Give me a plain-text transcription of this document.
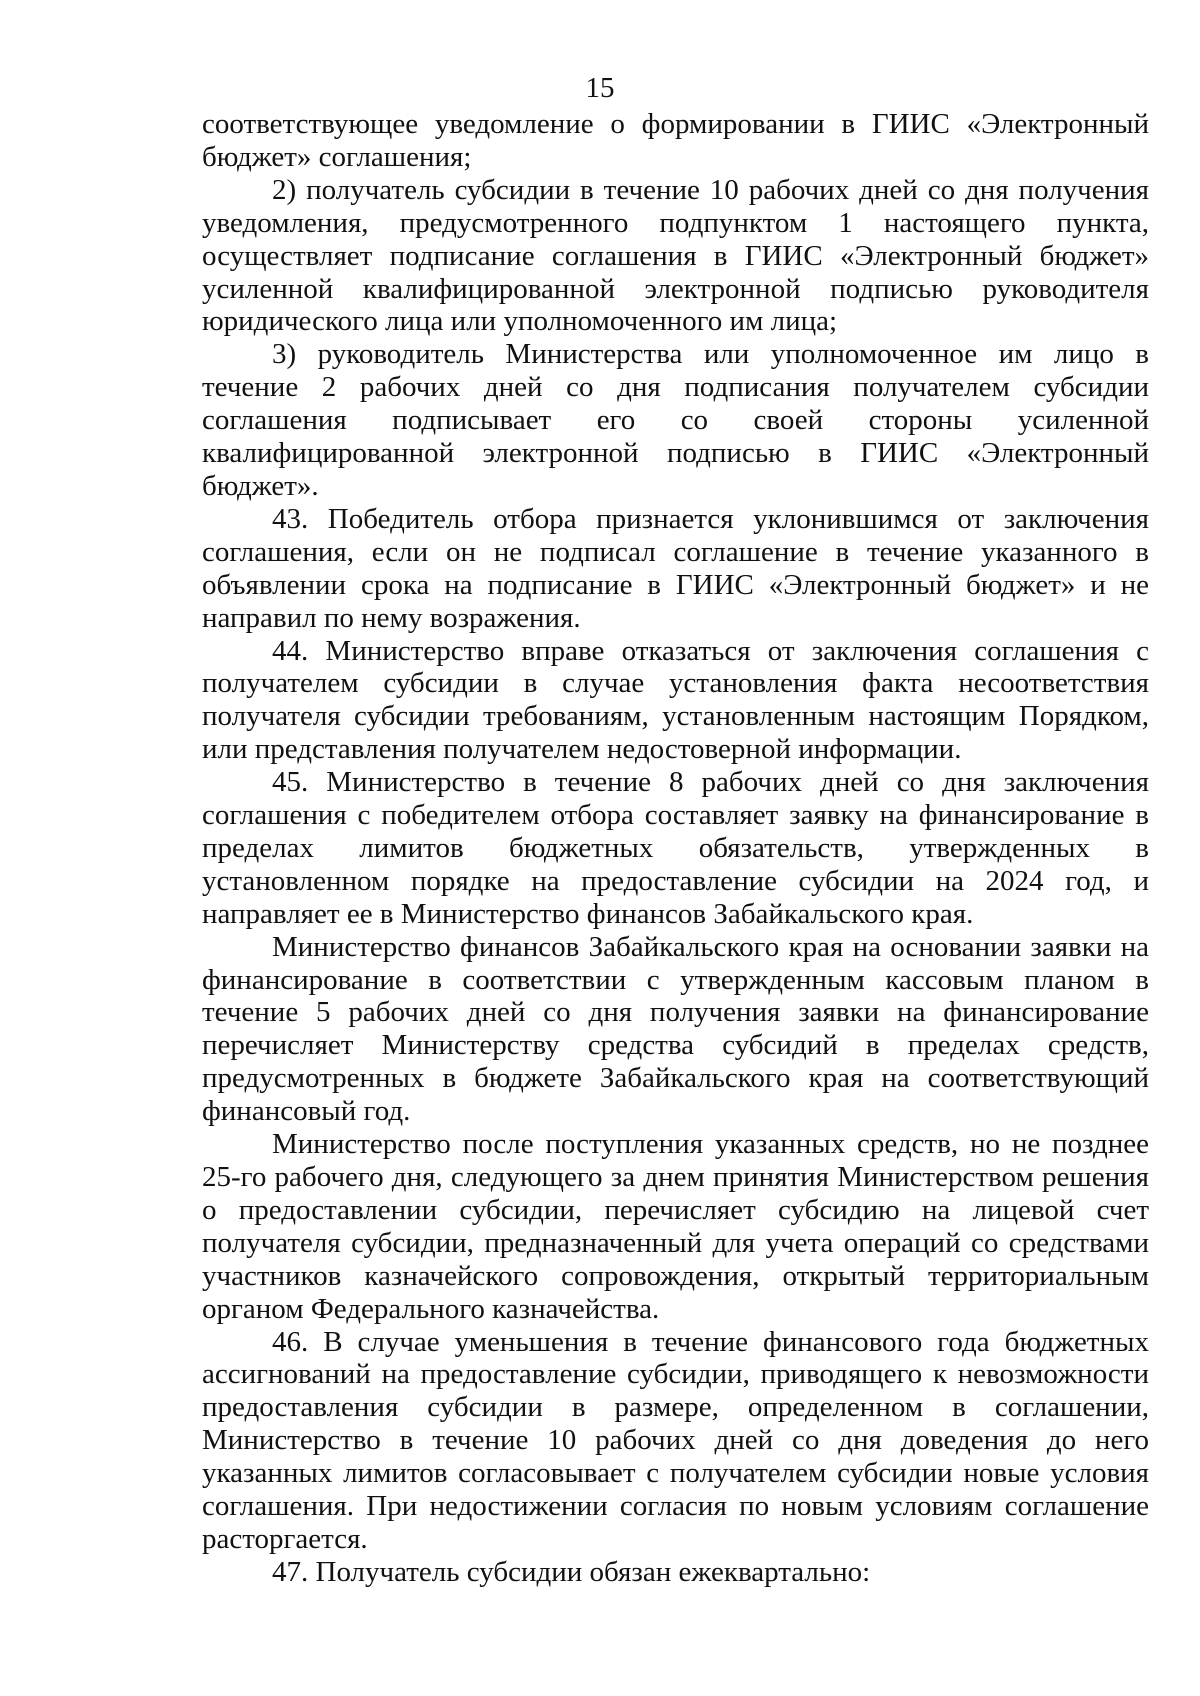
15

соответствующее уведомление о формировании в ГИИС «Электронный бюджет» соглашения;

2) получатель субсидии в течение 10 рабочих дней со дня получения уведомления, предусмотренного подпунктом 1 настоящего пункта, осуществляет подписание соглашения в ГИИС «Электронный бюджет» усиленной квалифицированной электронной подписью руководителя юридического лица или уполномоченного им лица;

3) руководитель Министерства или уполномоченное им лицо в течение 2 рабочих дней со дня подписания получателем субсидии соглашения подписывает его со своей стороны усиленной квалифицированной электронной подписью в ГИИС «Электронный бюджет».

43. Победитель отбора признается уклонившимся от заключения соглашения, если он не подписал соглашение в течение указанного в объявлении срока на подписание в ГИИС «Электронный бюджет» и не направил по нему возражения.

44. Министерство вправе отказаться от заключения соглашения с получателем субсидии в случае установления факта несоответствия получателя субсидии требованиям, установленным настоящим Порядком, или представления получателем недостоверной информации.

45. Министерство в течение 8 рабочих дней со дня заключения соглашения с победителем отбора составляет заявку на финансирование в пределах лимитов бюджетных обязательств, утвержденных в установленном порядке на предоставление субсидии на 2024 год, и направляет ее в Министерство финансов Забайкальского края.

Министерство финансов Забайкальского края на основании заявки на финансирование в соответствии с утвержденным кассовым планом в течение 5 рабочих дней со дня получения заявки на финансирование перечисляет Министерству средства субсидий в пределах средств, предусмотренных в бюджете Забайкальского края на соответствующий финансовый год.

Министерство после поступления указанных средств, но не позднее 25-го рабочего дня, следующего за днем принятия Министерством решения о предоставлении субсидии, перечисляет субсидию на лицевой счет получателя субсидии, предназначенный для учета операций со средствами участников казначейского сопровождения, открытый территориальным органом Федерального казначейства.

46. В случае уменьшения в течение финансового года бюджетных ассигнований на предоставление субсидии, приводящего к невозможности предоставления субсидии в размере, определенном в соглашении, Министерство в течение 10 рабочих дней со дня доведения до него указанных лимитов согласовывает с получателем субсидии новые условия соглашения. При недостижении согласия по новым условиям соглашение расторгается.

47. Получатель субсидии обязан ежеквартально:
